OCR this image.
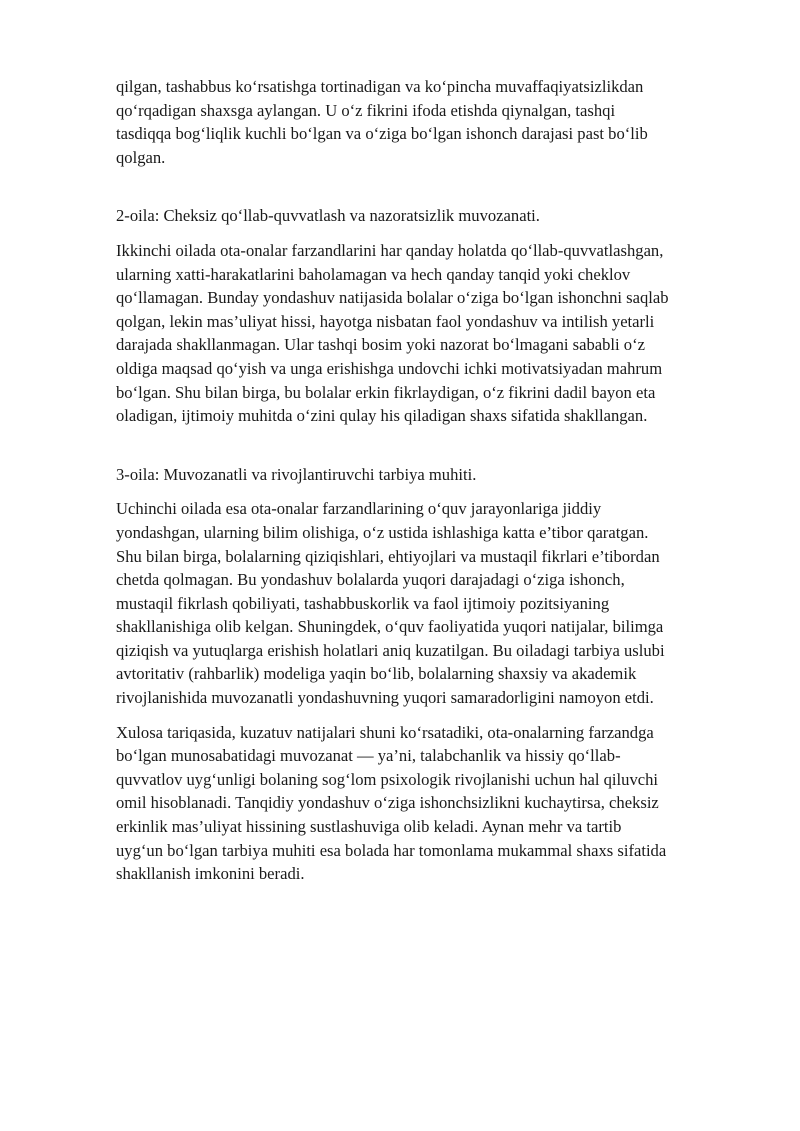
qilgan, tashabbus ko‘rsatishga tortinadigan va ko‘pincha muvaffaqiyatsizlikdan
qo‘rqadigan shaxsga aylangan. U o‘z fikrini ifoda etishda qiynalgan, tashqi
tasdiqqa bog‘liqlik kuchli bo‘lgan va o‘ziga bo‘lgan ishonch darajasi past bo‘lib
qolgan.

2-oila: Cheksiz qo‘llab-quvvatlash va nazoratsizlik muvozanati.

Ikkinchi oilada ota-onalar farzandlarini har qanday holatda qo‘llab-quvvatlashgan,
ularning xatti-harakatlarini baholamagan va hech qanday tanqid yoki cheklov
qo‘llamagan. Bunday yondashuv natijasida bolalar o‘ziga bo‘lgan ishonchni saqlab
qolgan, lekin mas’uliyat hissi, hayotga nisbatan faol yondashuv va intilish yetarli
darajada shakllanmagan. Ular tashqi bosim yoki nazorat bo‘lmagani sababli o‘z
oldiga maqsad qo‘yish va unga erishishga undovchi ichki motivatsiyadan mahrum
bo‘lgan. Shu bilan birga, bu bolalar erkin fikrlaydigan, o‘z fikrini dadil bayon eta
oladigan, ijtimoiy muhitda o‘zini qulay his qiladigan shaxs sifatida shakllangan.

3-oila: Muvozanatli va rivojlantiruvchi tarbiya muhiti.

Uchinchi oilada esa ota-onalar farzandlarining o‘quv jarayonlariga jiddiy
yondashgan, ularning bilim olishiga, o‘z ustida ishlashiga katta e’tibor qaratgan.
Shu bilan birga, bolalarning qiziqishlari, ehtiyojlari va mustaqil fikrlari e’tibordan
chetda qolmagan. Bu yondashuv bolalarda yuqori darajadagi o‘ziga ishonch,
mustaqil fikrlash qobiliyati, tashabbuskorlik va faol ijtimoiy pozitsiyaning
shakllanishiga olib kelgan. Shuningdek, o‘quv faoliyatida yuqori natijalar, bilimga
qiziqish va yutuqlarga erishish holatlari aniq kuzatilgan. Bu oiladagi tarbiya uslubi
avtoritativ (rahbarlik) modeliga yaqin bo‘lib, bolalarning shaxsiy va akademik
rivojlanishida muvozanatli yondashuvning yuqori samaradorligini namoyon etdi.

Xulosa tariqasida, kuzatuv natijalari shuni ko‘rsatadiki, ota-onalarning farzandga
bo‘lgan munosabatidagi muvozanat — ya’ni, talabchanlik va hissiy qo‘llab-
quvvatlov uyg‘unligi bolaning sog‘lom psixologik rivojlanishi uchun hal qiluvchi
omil hisoblanadi. Tanqidiy yondashuv o‘ziga ishonchsizlikni kuchaytirsa, cheksiz
erkinlik mas’uliyat hissining sustlashuviga olib keladi. Aynan mehr va tartib
uyg‘un bo‘lgan tarbiya muhiti esa bolada har tomonlama mukammal shaxs sifatida
shakllanish imkonini beradi.
